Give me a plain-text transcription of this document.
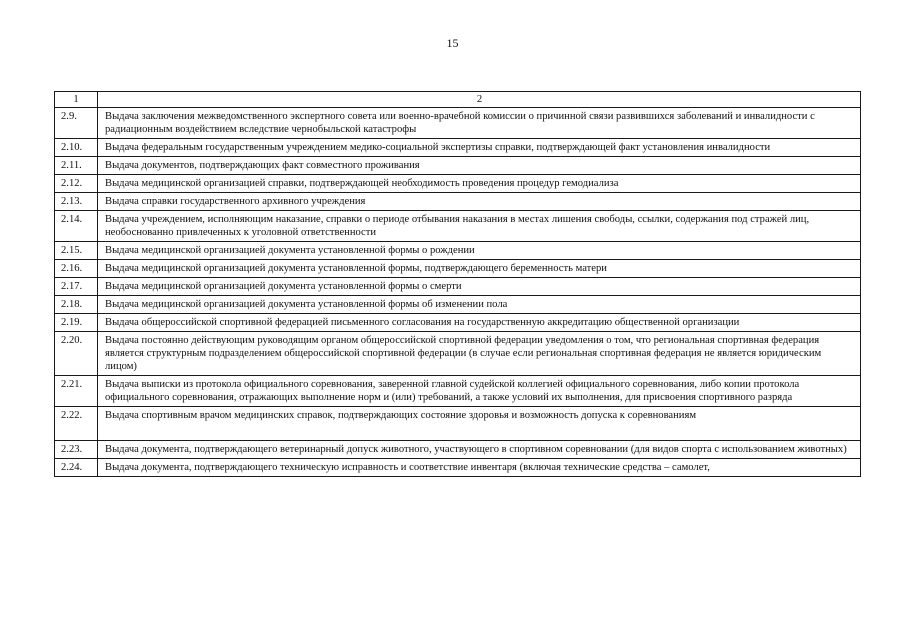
15
1	2
2.9.	Выдача заключения межведомственного экспертного совета или военно-врачебной комиссии о причинной связи развившихся заболеваний и инвалидности с радиационным воздействием вследствие чернобыльской катастрофы
2.10.	Выдача федеральным государственным учреждением медико-социальной экспертизы справки, подтверждающей факт установления инвалидности
2.11.	Выдача документов, подтверждающих факт совместного проживания
2.12.	Выдача медицинской организацией справки, подтверждающей необходимость проведения процедур гемодиализа
2.13.	Выдача справки государственного архивного учреждения
2.14.	Выдача учреждением, исполняющим наказание, справки о периоде отбывания наказания в местах лишения свободы, ссылки, содержания под стражей лиц, необоснованно привлеченных к уголовной ответственности
2.15.	Выдача медицинской организацией документа установленной формы о рождении
2.16.	Выдача медицинской организацией документа установленной формы, подтверждающего беременность матери
2.17.	Выдача медицинской организацией документа установленной формы о смерти
2.18.	Выдача медицинской организацией документа установленной формы об изменении пола
2.19.	Выдача общероссийской спортивной федерацией письменного согласования на государственную аккредитацию общественной организации
2.20.	Выдача постоянно действующим руководящим органом общероссийской спортивной федерации уведомления о том, что региональная спортивная федерация является структурным подразделением общероссийской спортивной федерации (в случае если региональная спортивная федерация не является юридическим лицом)
2.21.	Выдача выписки из протокола официального соревнования, заверенной главной судейской коллегией официального соревнования, либо копии протокола официального соревнования, отражающих выполнение норм и (или) требований, а также условий их выполнения, для присвоения спортивного разряда
2.22.	Выдача спортивным врачом медицинских справок, подтверждающих состояние здоровья и возможность допуска к соревнованиям
2.23.	Выдача документа, подтверждающего ветеринарный допуск животного, участвующего в спортивном соревновании (для видов спорта с использованием животных)
2.24.	Выдача документа, подтверждающего техническую исправность и соответствие инвентаря (включая технические средства – самолет,
